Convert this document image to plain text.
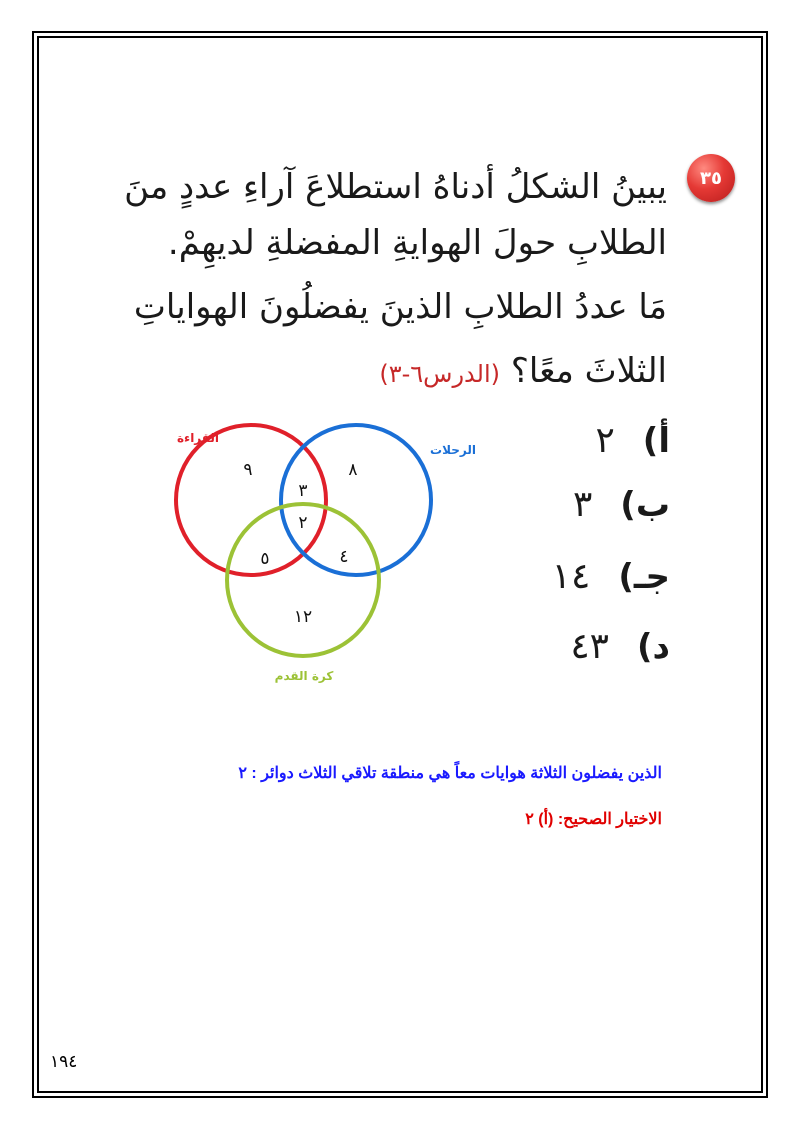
٣٥
يبينُ الشكلُ أدناهُ استطلاعَ آراءِ عددٍ منَ
الطلابِ حولَ الهوايةِ المفضلةِ لديهِمْ.
مَا عددُ الطلابِ الذينَ يفضلُونَ الهواياتِ
الثلاثَ معًا؟ (الدرس٦-٣)
أ)
٢
ب)
٣
جـ)
١٤
د)
٤٣
القراءة
الرحلات
كرة القدم
٩	٨
٣
٢
٥	٤
١٢
الذين يفضلون الثلاثة هوايات معاً هي منطقة تلاقي الثلاث دوائر : ٢
الاختيار الصحيح: (أ) ٢
١٩٤
